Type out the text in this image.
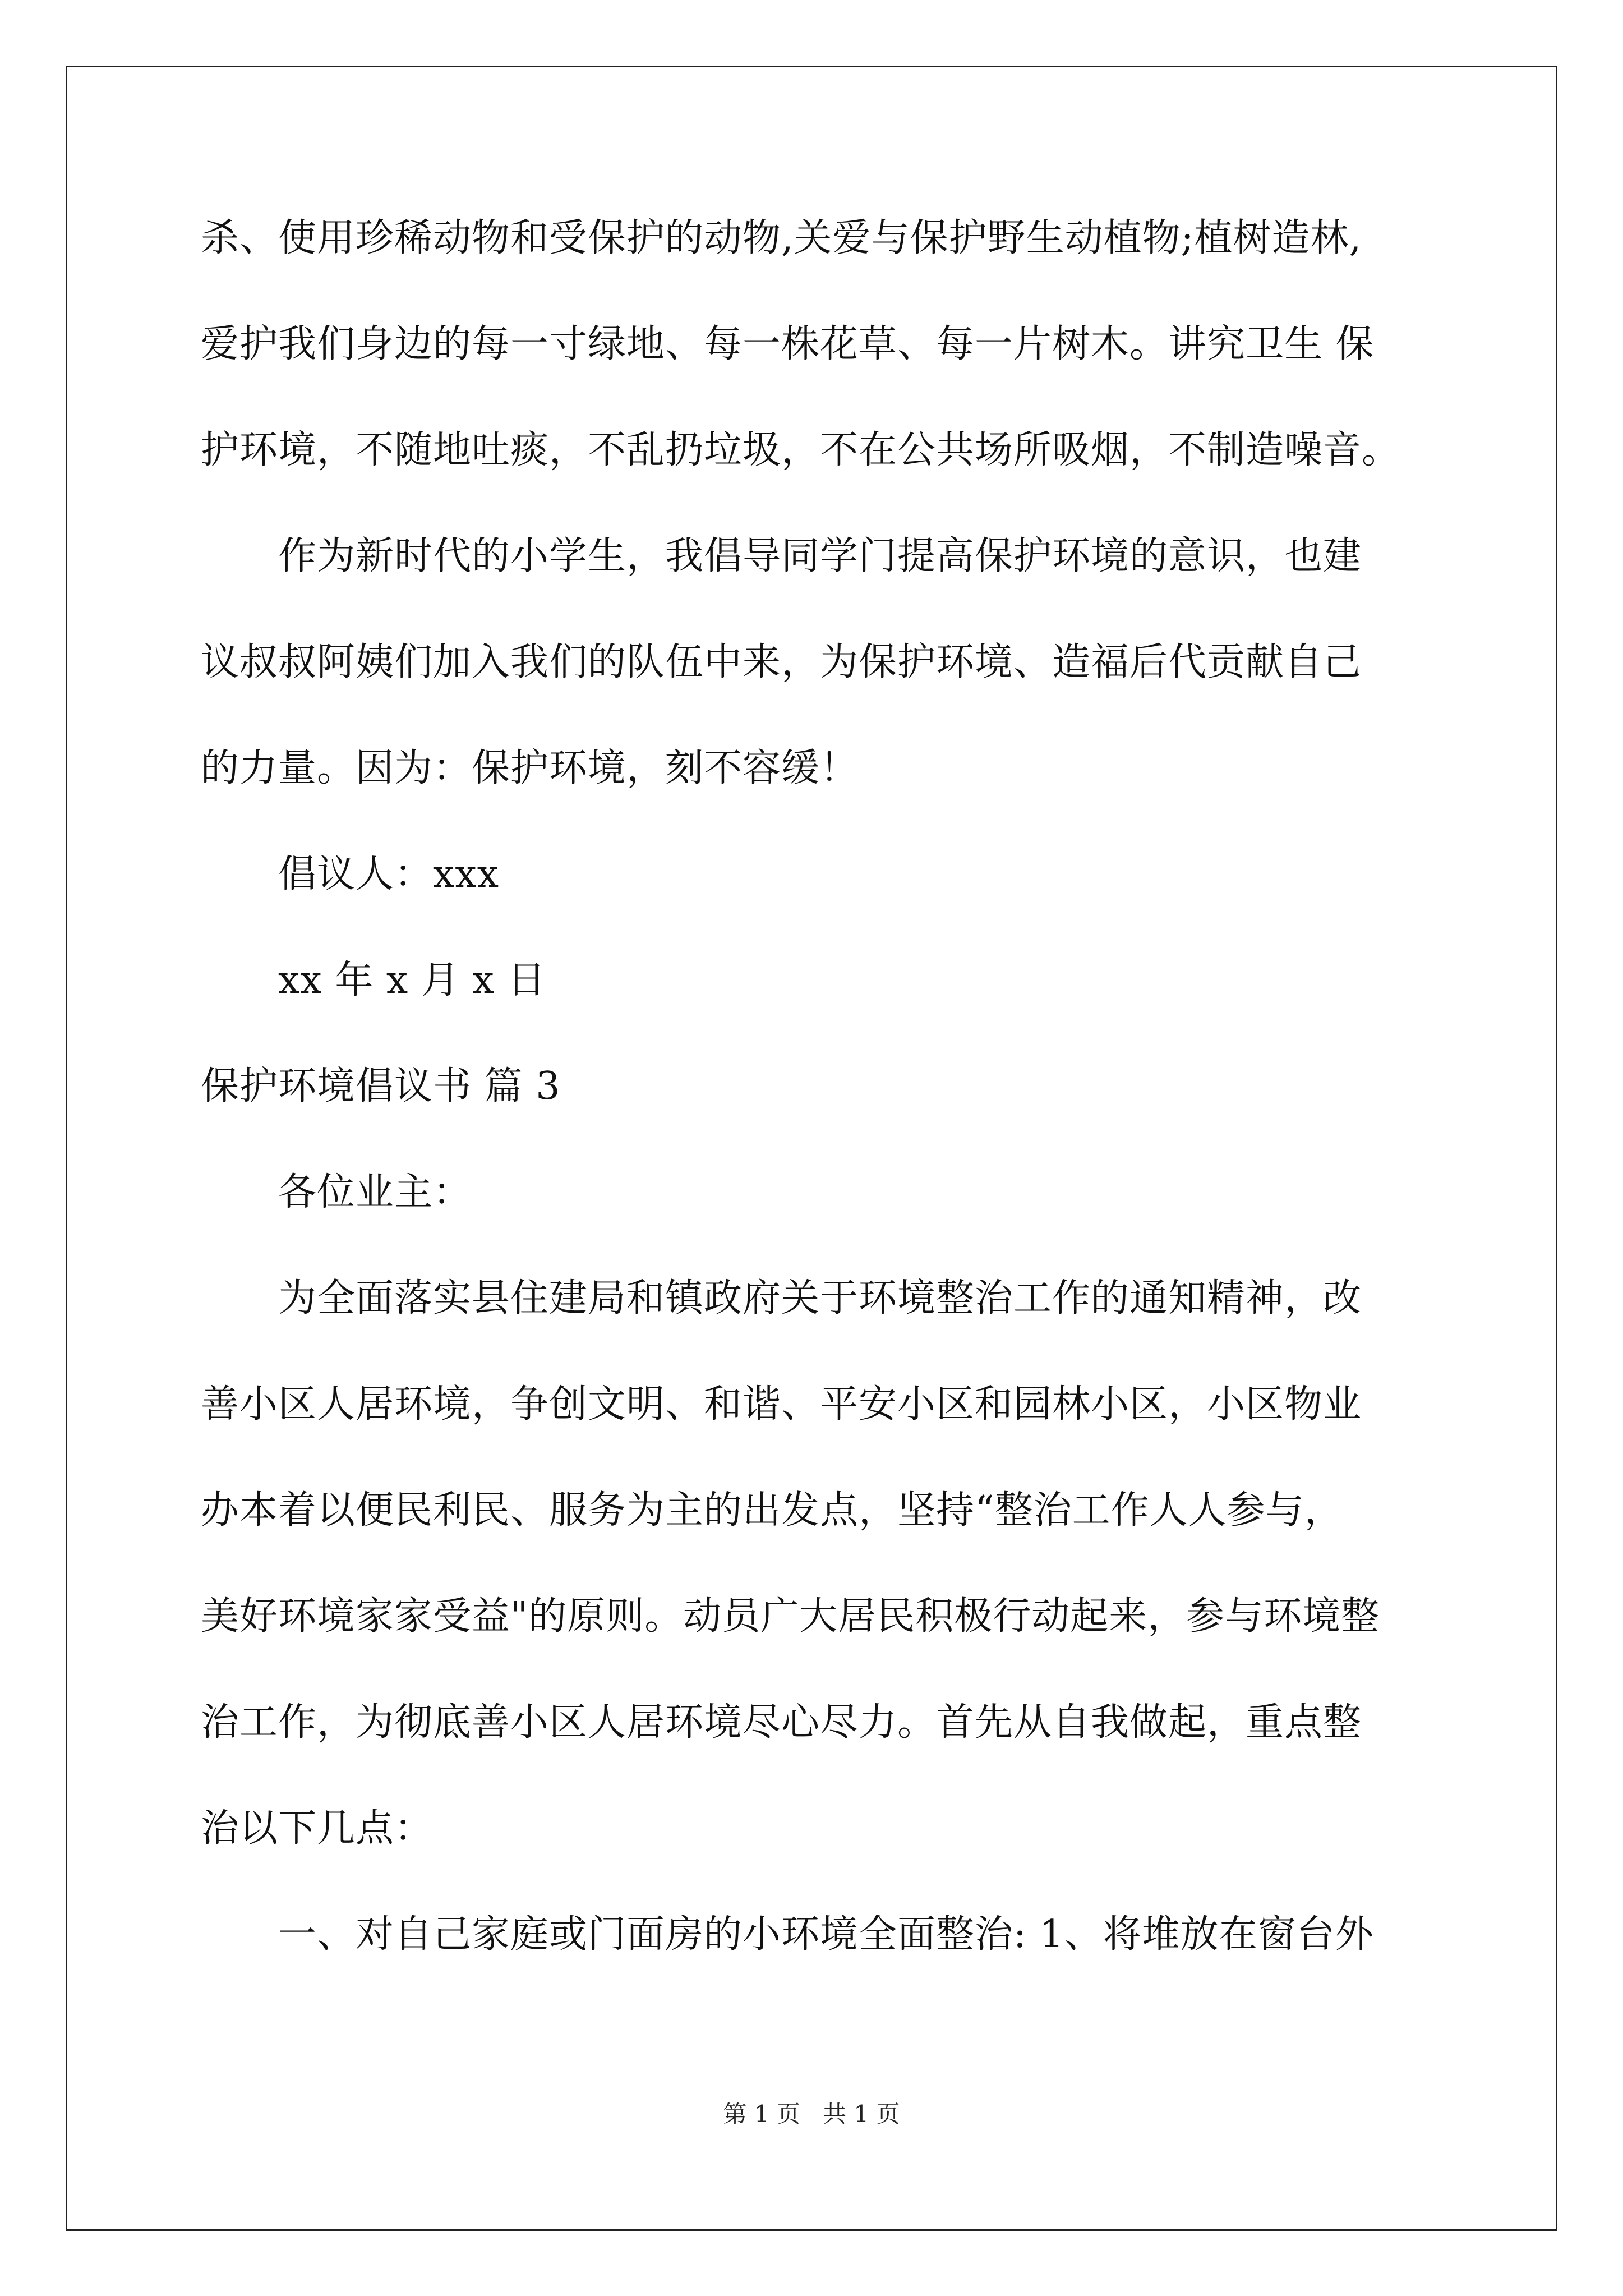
杀、使用珍稀动物和受保护的动物,关爱与保护野生动植物;植树造林,
爱护我们身边的每一寸绿地、每一株花草、每一片树木。讲究卫生 保
护环境，不随地吐痰，不乱扔垃圾，不在公共场所吸烟，不制造噪音。
作为新时代的小学生，我倡导同学门提高保护环境的意识，也建
议叔叔阿姨们加入我们的队伍中来，为保护环境、造福后代贡献自己
的力量。因为：保护环境，刻不容缓！
倡议人：xxx
xx 年 x 月 x 日
保护环境倡议书 篇 3
各位业主：
为全面落实县住建局和镇政府关于环境整治工作的通知精神，改
善小区人居环境，争创文明、和谐、平安小区和园林小区，小区物业
办本着以便民利民、服务为主的出发点，坚持“整治工作人人参与，
美好环境家家受益"的原则。动员广大居民积极行动起来，参与环境整
治工作，为彻底善小区人居环境尽心尽力。首先从自我做起，重点整
治以下几点：
一、对自己家庭或门面房的小环境全面整治: 1、将堆放在窗台外
第 1 页   共 1 页
